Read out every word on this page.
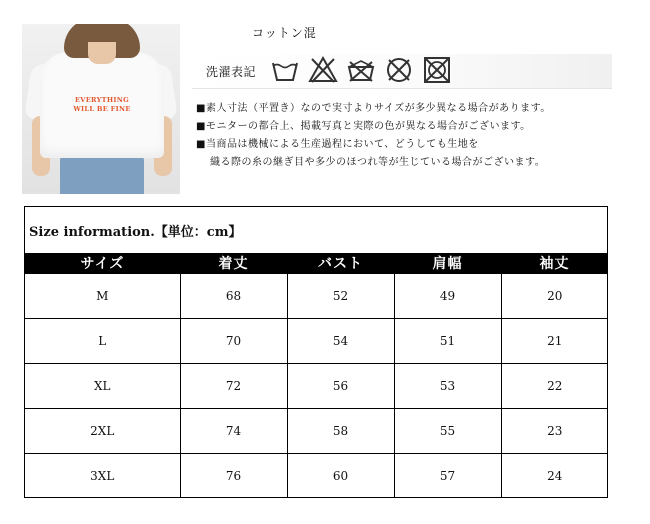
EVERYTHING
WILL BE FINE
コットン混
洗濯表記
■素人寸法（平置き）なので実寸よりサイズが多少異なる場合があります。
■モニターの都合上、掲載写真と実際の色が異なる場合がございます。
■当商品は機械による生産過程において、どうしても生地を
織る際の糸の継ぎ目や多少のほつれ等が生じている場合がございます。
Size information.【単位：cm】
サイズ	着丈	バスト	肩幅	袖丈
M	68	52	49	20
L	70	54	51	21
XL	72	56	53	22
2XL	74	58	55	23
3XL	76	60	57	24
